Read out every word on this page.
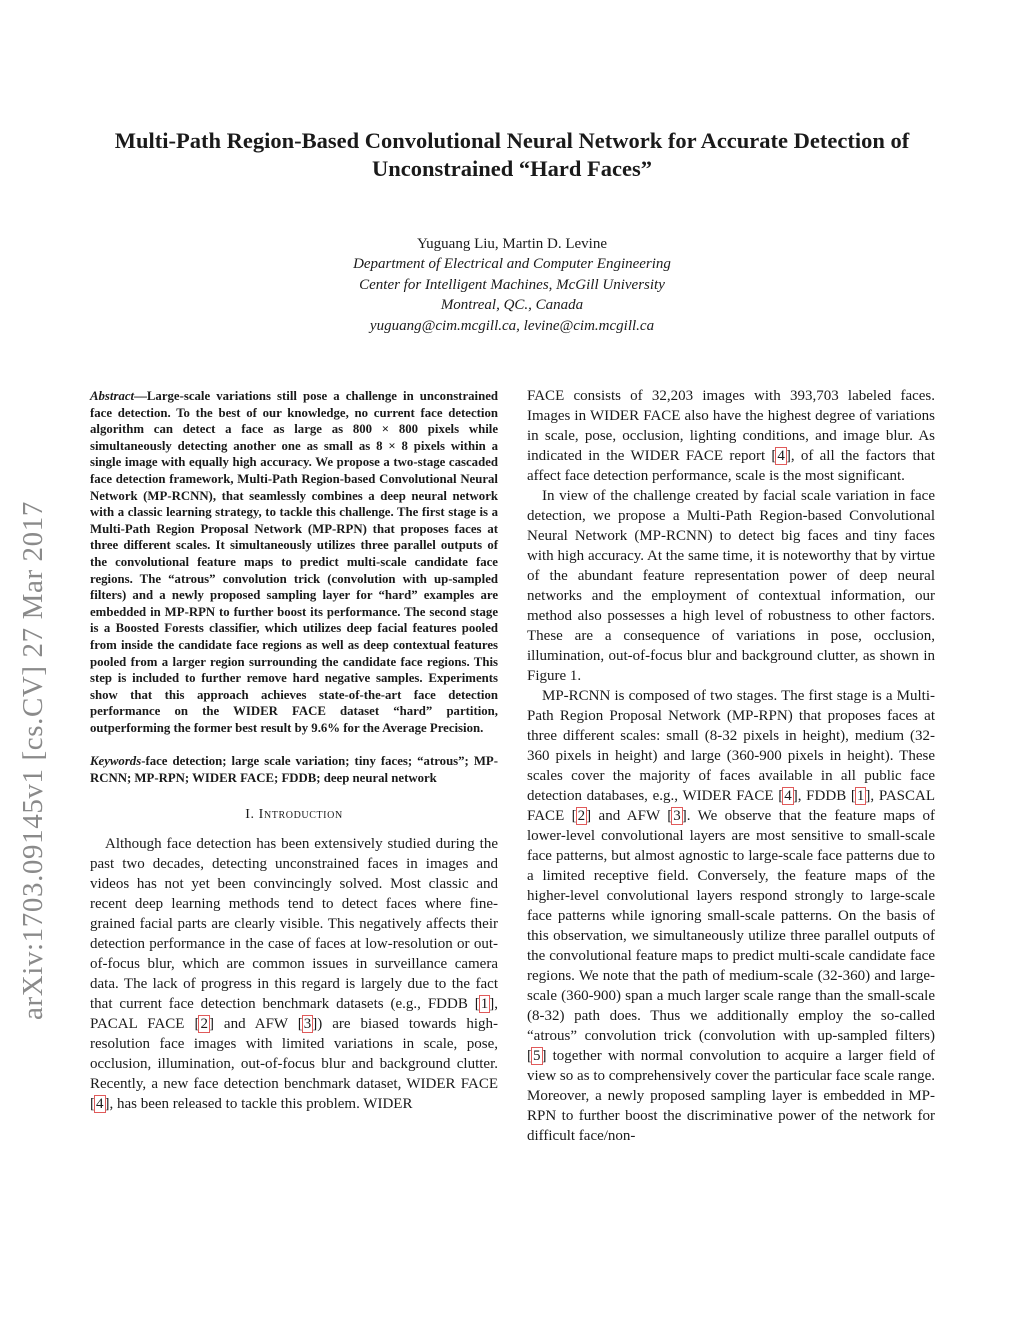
arXiv:1703.09145v1 [cs.CV] 27 Mar 2017
Multi-Path Region-Based Convolutional Neural Network for Accurate Detection of Unconstrained “Hard Faces”
Yuguang Liu, Martin D. Levine
Department of Electrical and Computer Engineering
Center for Intelligent Machines, McGill University
Montreal, QC., Canada
yuguang@cim.mcgill.ca, levine@cim.mcgill.ca

Abstract—Large-scale variations still pose a challenge in unconstrained face detection. To the best of our knowledge, no current face detection algorithm can detect a face as large as 800 × 800 pixels while simultaneously detecting another one as small as 8 × 8 pixels within a single image with equally high accuracy. We propose a two-stage cascaded face detection framework, Multi-Path Region-based Convolutional Neural Network (MP-RCNN), that seamlessly combines a deep neural network with a classic learning strategy, to tackle this challenge. The first stage is a Multi-Path Region Proposal Network (MP-RPN) that proposes faces at three different scales. It simultaneously utilizes three parallel outputs of the convolutional feature maps to predict multi-scale candidate face regions. The “atrous” convolution trick (convolution with up-sampled filters) and a newly proposed sampling layer for “hard” examples are embedded in MP-RPN to further boost its performance. The second stage is a Boosted Forests classifier, which utilizes deep facial features pooled from inside the candidate face regions as well as deep contextual features pooled from a larger region surrounding the candidate face regions. This step is included to further remove hard negative samples. Experiments show that this approach achieves state-of-the-art face detection performance on the WIDER FACE dataset “hard” partition, outperforming the former best result by 9.6% for the Average Precision.

Keywords-face detection; large scale variation; tiny faces; “atrous”; MP-RCNN; MP-RPN; WIDER FACE; FDDB; deep neural network

I. Introduction

Although face detection has been extensively studied during the past two decades, detecting unconstrained faces in images and videos has not yet been convincingly solved. Most classic and recent deep learning methods tend to detect faces where fine-grained facial parts are clearly visible. This negatively affects their detection performance in the case of faces at low-resolution or out-of-focus blur, which are common issues in surveillance camera data. The lack of progress in this regard is largely due to the fact that current face detection benchmark datasets (e.g., FDDB [1], PACAL FACE [2] and AFW [3]) are biased towards high-resolution face images with limited variations in scale, pose, occlusion, illumination, out-of-focus blur and background clutter. Recently, a new face detection benchmark dataset, WIDER FACE [4], has been released to tackle this problem. WIDER

FACE consists of 32,203 images with 393,703 labeled faces. Images in WIDER FACE also have the highest degree of variations in scale, pose, occlusion, lighting conditions, and image blur. As indicated in the WIDER FACE report [4], of all the factors that affect face detection performance, scale is the most significant.

In view of the challenge created by facial scale variation in face detection, we propose a Multi-Path Region-based Convolutional Neural Network (MP-RCNN) to detect big faces and tiny faces with high accuracy. At the same time, it is noteworthy that by virtue of the abundant feature representation power of deep neural networks and the employment of contextual information, our method also possesses a high level of robustness to other factors. These are a consequence of variations in pose, occlusion, illumination, out-of-focus blur and background clutter, as shown in Figure 1.

MP-RCNN is composed of two stages. The first stage is a Multi-Path Region Proposal Network (MP-RPN) that proposes faces at three different scales: small (8-32 pixels in height), medium (32-360 pixels in height) and large (360-900 pixels in height). These scales cover the majority of faces available in all public face detection databases, e.g., WIDER FACE [4], FDDB [1], PASCAL FACE [2] and AFW [3]. We observe that the feature maps of lower-level convolutional layers are most sensitive to small-scale face patterns, but almost agnostic to large-scale face patterns due to a limited receptive field. Conversely, the feature maps of the higher-level convolutional layers respond strongly to large-scale face patterns while ignoring small-scale patterns. On the basis of this observation, we simultaneously utilize three parallel outputs of the convolutional feature maps to predict multi-scale candidate face regions. We note that the path of medium-scale (32-360) and large-scale (360-900) span a much larger scale range than the small-scale (8-32) path does. Thus we additionally employ the so-called “atrous” convolution trick (convolution with up-sampled filters) [5] together with normal convolution to acquire a larger field of view so as to comprehensively cover the particular face scale range. Moreover, a newly proposed sampling layer is embedded in MP-RPN to further boost the discriminative power of the network for difficult face/non-
